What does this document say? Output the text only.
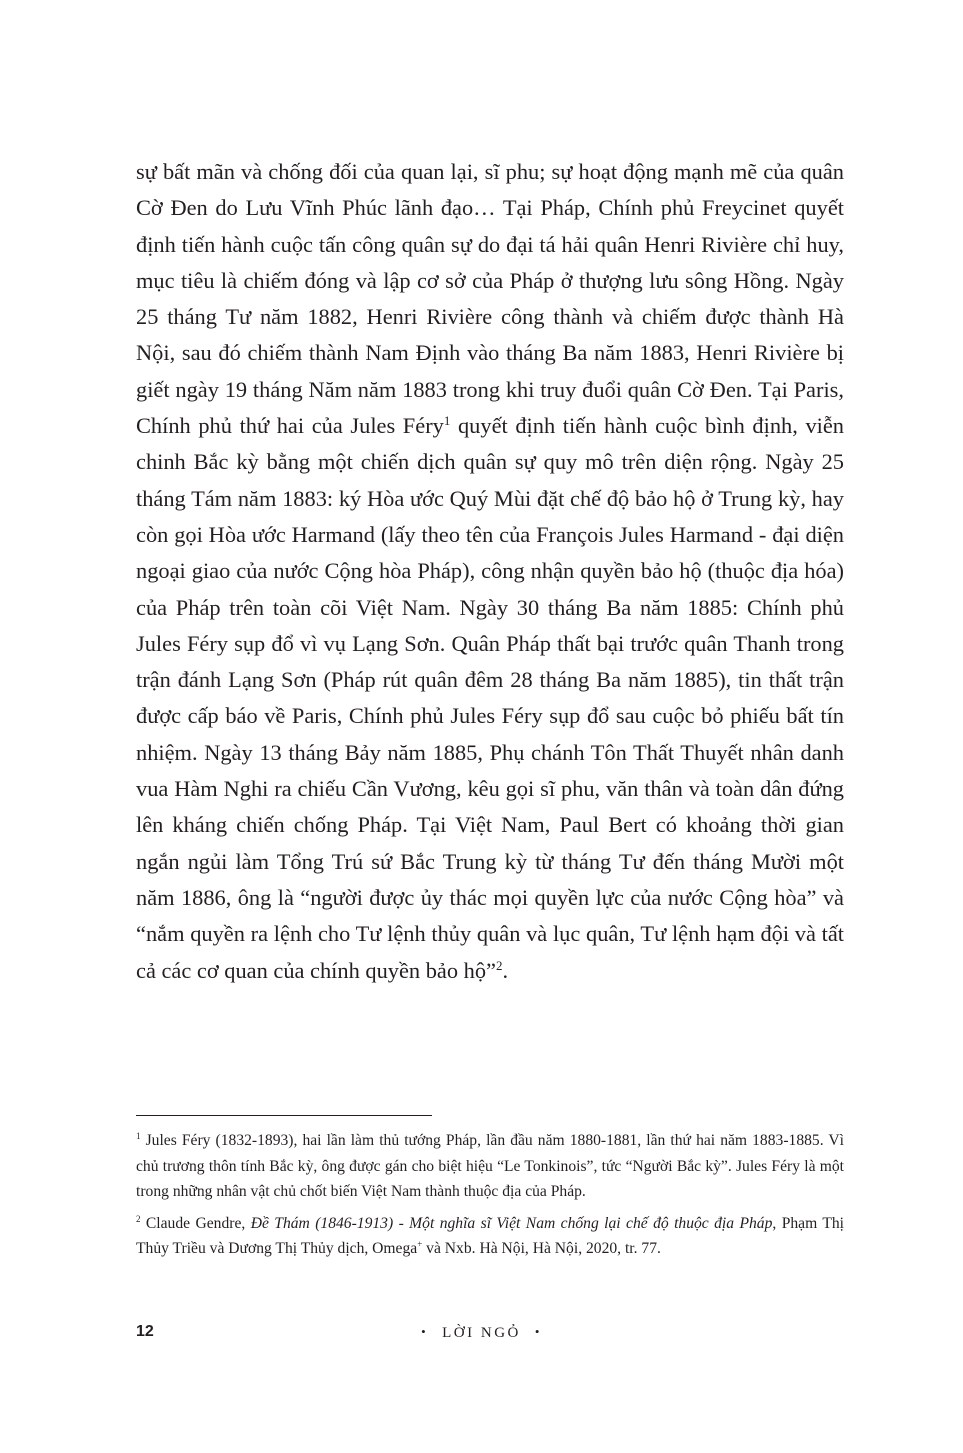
sự bất mãn và chống đối của quan lại, sĩ phu; sự hoạt động mạnh mẽ của quân Cờ Đen do Lưu Vĩnh Phúc lãnh đạo… Tại Pháp, Chính phủ Freycinet quyết định tiến hành cuộc tấn công quân sự do đại tá hải quân Henri Rivière chỉ huy, mục tiêu là chiếm đóng và lập cơ sở của Pháp ở thượng lưu sông Hồng. Ngày 25 tháng Tư năm 1882, Henri Rivière công thành và chiếm được thành Hà Nội, sau đó chiếm thành Nam Định vào tháng Ba năm 1883, Henri Rivière bị giết ngày 19 tháng Năm năm 1883 trong khi truy đuổi quân Cờ Đen. Tại Paris, Chính phủ thứ hai của Jules Féry$^1$ quyết định tiến hành cuộc bình định, viễn chinh Bắc kỳ bằng một chiến dịch quân sự quy mô trên diện rộng. Ngày 25 tháng Tám năm 1883: ký Hòa ước Quý Mùi đặt chế độ bảo hộ ở Trung kỳ, hay còn gọi Hòa ước Harmand (lấy theo tên của François Jules Harmand - đại diện ngoại giao của nước Cộng hòa Pháp), công nhận quyền bảo hộ (thuộc địa hóa) của Pháp trên toàn cõi Việt Nam. Ngày 30 tháng Ba năm 1885: Chính phủ Jules Féry sụp đổ vì vụ Lạng Sơn. Quân Pháp thất bại trước quân Thanh trong trận đánh Lạng Sơn (Pháp rút quân đêm 28 tháng Ba năm 1885), tin thất trận được cấp báo về Paris, Chính phủ Jules Féry sụp đổ sau cuộc bỏ phiếu bất tín nhiệm. Ngày 13 tháng Bảy năm 1885, Phụ chánh Tôn Thất Thuyết nhân danh vua Hàm Nghi ra chiếu Cần Vương, kêu gọi sĩ phu, văn thân và toàn dân đứng lên kháng chiến chống Pháp. Tại Việt Nam, Paul Bert có khoảng thời gian ngắn ngủi làm Tổng Trú sứ Bắc Trung kỳ từ tháng Tư đến tháng Mười một năm 1886, ông là “người được ủy thác mọi quyền lực của nước Cộng hòa” và “nắm quyền ra lệnh cho Tư lệnh thủy quân và lục quân, Tư lệnh hạm đội và tất cả các cơ quan của chính quyền bảo hộ”$^2$.

$^1$ Jules Féry (1832-1893), hai lần làm thủ tướng Pháp, lần đầu năm 1880-1881, lần thứ hai năm 1883-1885. Vì chủ trương thôn tính Bắc kỳ, ông được gán cho biệt hiệu “Le Tonkinois”, tức “Người Bắc kỳ”. Jules Féry là một trong những nhân vật chủ chốt biến Việt Nam thành thuộc địa của Pháp.

$^2$ Claude Gendre, Đề Thám (1846-1913) - Một nghĩa sĩ Việt Nam chống lại chế độ thuộc địa Pháp, Phạm Thị Thủy Triều và Dương Thị Thủy dịch, Omega+ và Nxb. Hà Nội, Hà Nội, 2020, tr. 77.

12	• LỜI NGỎ •
